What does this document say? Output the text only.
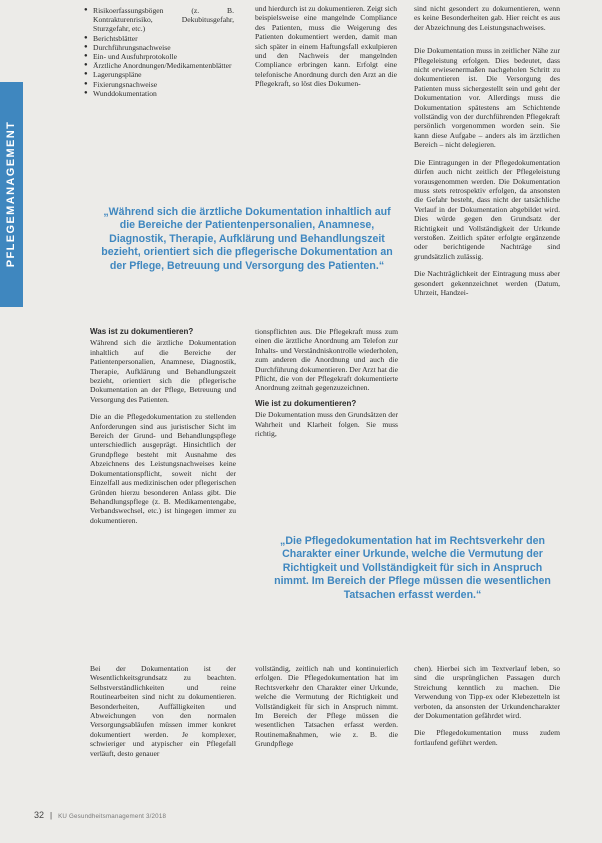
PFLEGEMANAGEMENT
● Risikoerfassungsbögen (z. B. Kontrakturenrisiko, Dekubitusgefahr, Sturzgefahr, etc.)
● Berichtsblätter
● Durchführungsnachweise
● Ein- und Ausfuhrprotokolle
● Ärztliche Anordnungen/Medikamentenblätter
● Lagerungspläne
● Fixierungsnachweise
● Wunddokumentation

und hierdurch ist zu dokumentieren. Zeigt sich beispielsweise eine mangelnde Compliance des Patienten, muss die Weigerung des Patienten dokumentiert werden, damit man sich später in einem Haftungsfall exkulpieren und den Nachweis der mangelnden Compliance erbringen kann. Erfolgt eine telefonische Anordnung durch den Arzt an die Pflegekraft, so löst dies Dokumen-

sind nicht gesondert zu dokumentieren, wenn es keine Besonderheiten gab. Hier reicht es aus der Abzeichnung des Leistungsnachweises.

Die Dokumentation muss in zeitlicher Nähe zur Pflegeleistung erfolgen. Dies bedeutet, dass nicht erwiesenermaßen nachgeholen Schritt zu dokumentieren ist. Die Versorgung des Patienten muss sichergestellt sein und geht der Dokumentation vor. Allerdings muss die Dokumentation spätestens am Schichtende vollständig von der durchführenden Pflegekraft persönlich vorgenommen worden sein. Sie kann diese Aufgabe – anders als im ärztlichen Bereich – nicht delegieren.

Die Eintragungen in der Pflegedokumentation dürfen auch nicht zeitlich der Pflegeleistung vorausgenommen werden. Die Dokumentation muss stets retrospektiv erfolgen, da ansonsten die Gefahr besteht, dass nicht der tatsächliche Verlauf in der Dokumentation abgebildet wird. Dies würde gegen den Grundsatz der Richtigkeit und Vollständigkeit der Urkunde verstoßen. Zeitlich später erfolgte ergänzende oder berichtigende Nachträge sind grundsätzlich zulässig.

Die Nachträglichkeit der Eintragung muss aber gesondert gekennzeichnet werden (Datum, Uhrzeit, Handzei-

„Während sich die ärztliche Dokumentation inhaltlich auf die Bereiche der Patientenpersonalien, Anamnese, Diagnostik, Therapie, Aufklärung und Behandlungszeit bezieht, orientiert sich die pflegerische Dokumentation an der Pflege, Betreuung und Versorgung des Patienten.“
Was ist zu dokumentieren?

Während sich die ärztliche Dokumentation inhaltlich auf die Bereiche der Patientenpersonalien, Anamnese, Diagnostik, Therapie, Aufklärung und Behandlungszeit bezieht, orientiert sich die pflegerische Dokumentation an der Pflege, Betreuung und Versorgung des Patienten.

Die an die Pflegedokumentation zu stellenden Anforderungen sind aus juristischer Sicht im Bereich der Grund- und Behandlungspflege unterschiedlich ausgeprägt. Hinsichtlich der Grundpflege besteht mit Ausnahme des Abzeichnens des Leistungsnachweises keine Dokumentationspflicht, soweit nicht der Einzelfall aus medizinischen oder pflegerischen Gründen hierzu besonderen Anlass gibt. Die Behandlungspflege (z. B. Medikamentengabe, Verbandswechsel, etc.) ist hingegen immer zu dokumentieren.

tionspflichten aus. Die Pflegekraft muss zum einen die ärztliche Anordnung am Telefon zur Inhalts- und Verständniskontrolle wiederholen, zum anderen die Anordnung und auch die Durchführung dokumentieren. Der Arzt hat die Pflicht, die von der Pflegekraft dokumentierte Anordnung zeitnah gegenzuzeichnen.

Wie ist zu dokumentieren?

Die Dokumentation muss den Grundsätzen der Wahrheit und Klarheit folgen. Sie muss richtig,

„Die Pflegedokumentation hat im Rechtsverkehr den Charakter einer Urkunde, welche die Vermutung der Richtigkeit und Vollständigkeit für sich in Anspruch nimmt. Im Bereich der Pflege müssen die wesentlichen Tatsachen erfasst werden.“

Bei der Dokumentation ist der Wesentlichkeitsgrundsatz zu beachten. Selbstverständlichkeiten und reine Routinearbeiten sind nicht zu dokumentieren. Besonderheiten, Auffälligkeiten und Abweichungen von den normalen Versorgungsabläufen müssen immer konkret dokumentiert werden. Je komplexer, schwieriger und atypischer ein Pflegefall verläuft, desto genauer

vollständig, zeitlich nah und kontinuierlich erfolgen. Die Pflegedokumentation hat im Rechtsverkehr den Charakter einer Urkunde, welche die Vermutung der Richtigkeit und Vollständigkeit für sich in Anspruch nimmt. Im Bereich der Pflege müssen die wesentlichen Tatsachen erfasst werden. Routinemaßnahmen, wie z. B. die Grundpflege

chen). Hierbei sich im Textverlauf leben, so sind die ursprünglichen Passagen durch Streichung kenntlich zu machen. Die Verwendung von Tipp-ex oder Klebezetteln ist verboten, da ansonsten der Urkundencharakter der Dokumentation gefährdet wird.

Die Pflegedokumentation muss zudem fortlaufend geführt werden.

32 | KU Gesundheitsmanagement 3/2018
